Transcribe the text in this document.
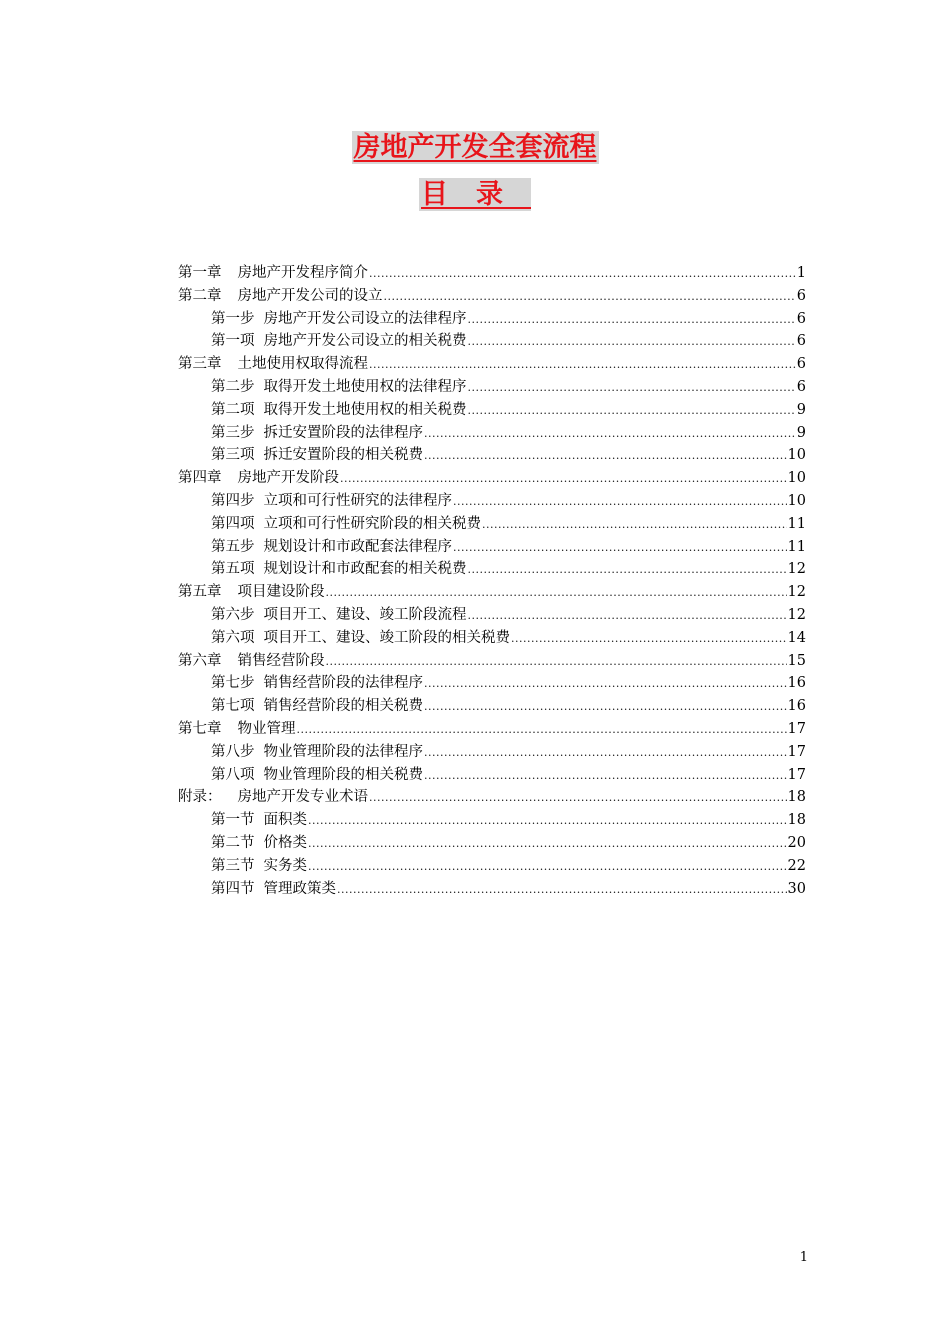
房地产开发全套流程
目录
第一章 房地产开发程序简介 .....	1
第二章 房地产开发公司的设立 .....	6
第一步 房地产开发公司设立的法律程序 .....	6
第一项 房地产开发公司设立的相关税费 .....	6
第三章 土地使用权取得流程 .....	6
第二步 取得开发土地使用权的法律程序 .....	6
第二项 取得开发土地使用权的相关税费 .....	9
第三步 拆迁安置阶段的法律程序 .....	9
第三项 拆迁安置阶段的相关税费 .....	10
第四章 房地产开发阶段 .....	10
第四步 立项和可行性研究的法律程序 .....	10
第四项 立项和可行性研究阶段的相关税费 .....	11
第五步 规划设计和市政配套法律程序 .....	11
第五项 规划设计和市政配套的相关税费 .....	12
第五章 项目建设阶段 .....	12
第六步 项目开工、建设、竣工阶段流程 .....	12
第六项 项目开工、建设、竣工阶段的相关税费 .....	14
第六章 销售经营阶段 .....	15
第七步 销售经营阶段的法律程序 .....	16
第七项 销售经营阶段的相关税费 .....	16
第七章 物业管理 .....	17
第八步 物业管理阶段的法律程序 .....	17
第八项 物业管理阶段的相关税费 .....	17
附录： 房地产开发专业术语 .....	18
第一节 面积类 .....	18
第二节 价格类 .....	20
第三节 实务类 .....	22
第四节 管理政策类 .....	30
1
